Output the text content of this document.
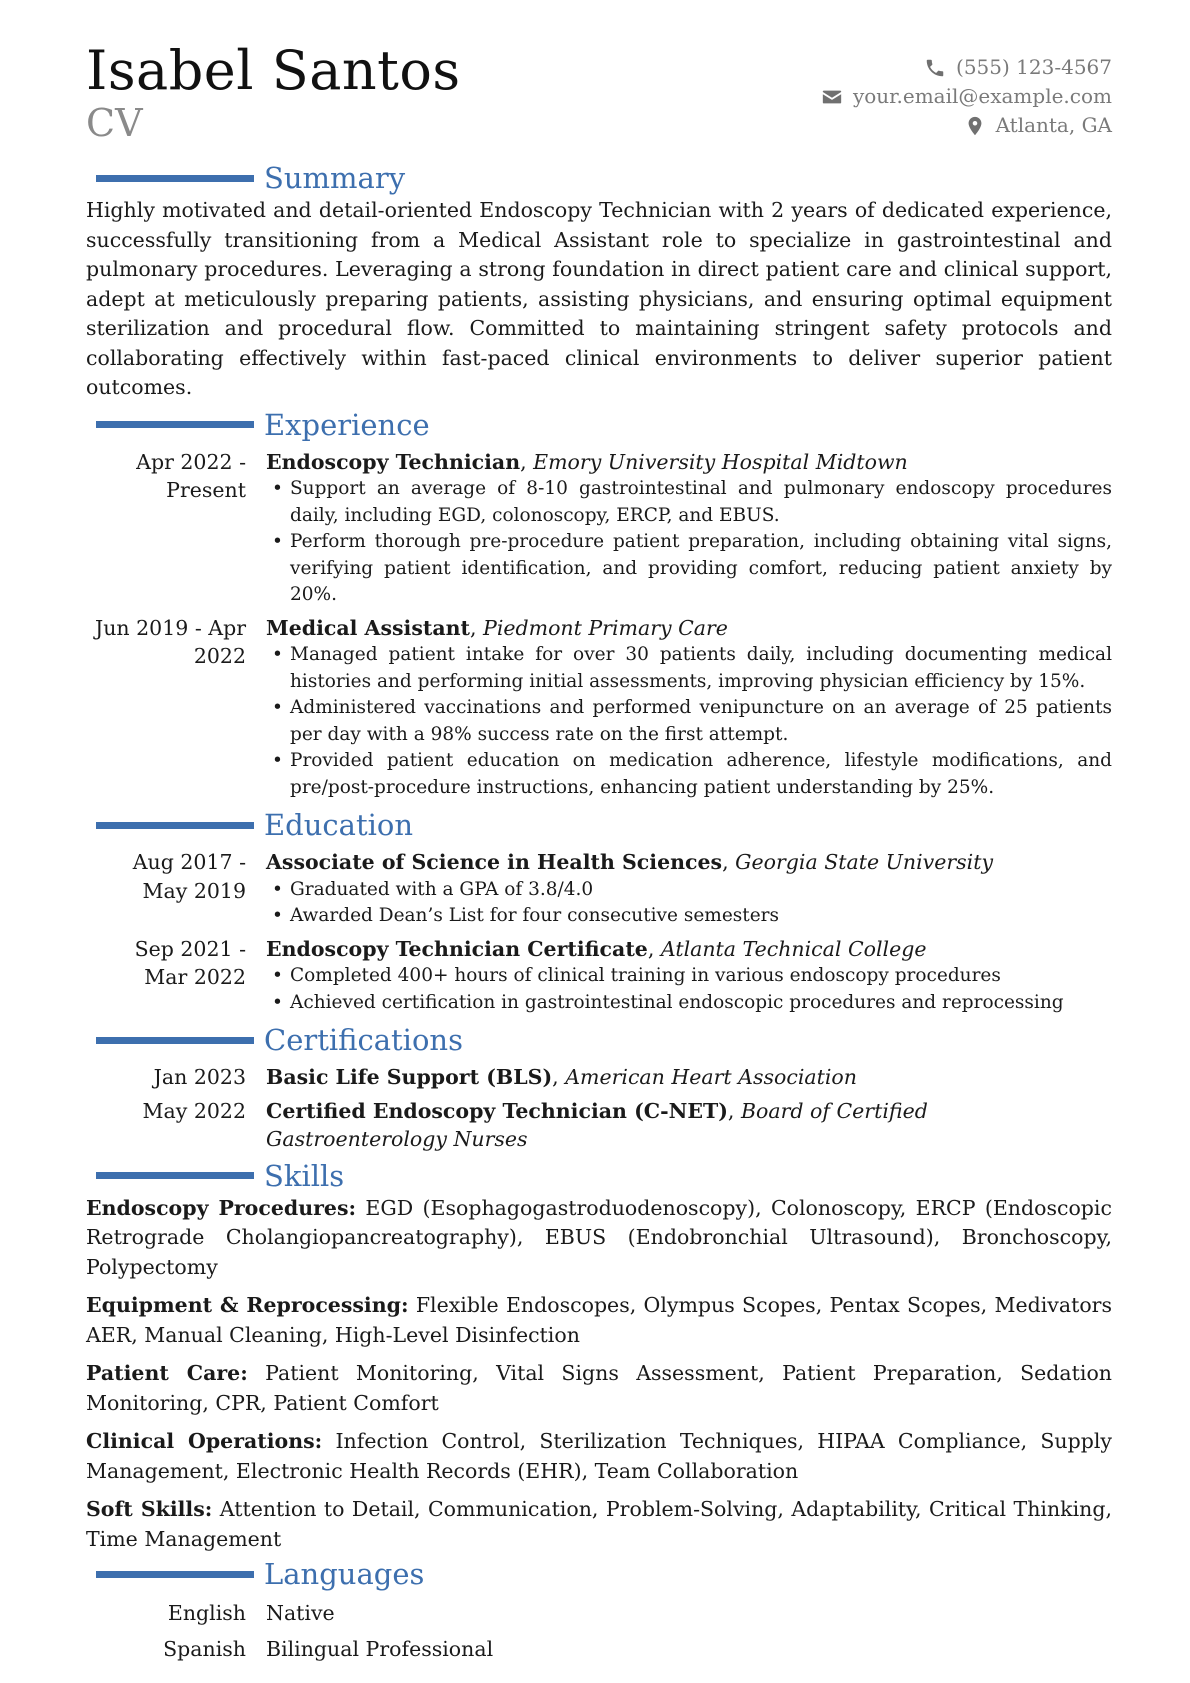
Isabel Santos
CV
(555) 123-4567
your.email@example.com
Atlanta, GA
Summary

Highly motivated and detail-oriented Endoscopy Technician with 2 years of dedicated experience, successfully transitioning from a Medical Assistant role to specialize in gastrointestinal and pulmonary procedures. Leveraging a strong foundation in direct patient care and clinical support, adept at meticulously preparing patients, assisting physicians, and ensuring optimal equipment sterilization and procedural flow. Committed to maintaining stringent safety protocols and collaborating effectively within fast-paced clinical environments to deliver superior patient outcomes.

Experience
Apr 2022 - Present
Endoscopy Technician, Emory University Hospital Midtown
• Support an average of 8-10 gastrointestinal and pulmonary endoscopy procedures daily, including EGD, colonoscopy, ERCP, and EBUS.
• Perform thorough pre-procedure patient preparation, including obtaining vital signs, verifying patient identification, and providing comfort, reducing patient anxiety by 20%.
Jun 2019 - Apr 2022
Medical Assistant, Piedmont Primary Care
• Managed patient intake for over 30 patients daily, including documenting medical histories and performing initial assessments, improving physician efficiency by 15%.
• Administered vaccinations and performed venipuncture on an average of 25 patients per day with a 98% success rate on the first attempt.
• Provided patient education on medication adherence, lifestyle modifications, and pre/post-procedure instructions, enhancing patient understanding by 25%.
Education
Aug 2017 - May 2019
Associate of Science in Health Sciences, Georgia State University
• Graduated with a GPA of 3.8/4.0
• Awarded Dean’s List for four consecutive semesters
Sep 2021 - Mar 2022
Endoscopy Technician Certificate, Atlanta Technical College
• Completed 400+ hours of clinical training in various endoscopy procedures
• Achieved certification in gastrointestinal endoscopic procedures and reprocessing
Certifications
Jan 2023 Basic Life Support (BLS), American Heart Association
May 2022 Certified Endoscopy Technician (C-NET), Board of Certified Gastroenterology Nurses
Skills
Endoscopy Procedures: EGD (Esophagogastroduodenoscopy), Colonoscopy, ERCP (Endoscopic Retrograde Cholangiopancreatography), EBUS (Endobronchial Ultrasound), Bronchoscopy, Polypectomy
Equipment & Reprocessing: Flexible Endoscopes, Olympus Scopes, Pentax Scopes, Medivators AER, Manual Cleaning, High-Level Disinfection
Patient Care: Patient Monitoring, Vital Signs Assessment, Patient Preparation, Sedation Monitoring, CPR, Patient Comfort
Clinical Operations: Infection Control, Sterilization Techniques, HIPAA Compliance, Supply Management, Electronic Health Records (EHR), Team Collaboration
Soft Skills: Attention to Detail, Communication, Problem-Solving, Adaptability, Critical Thinking, Time Management
Languages
English Native
Spanish Bilingual Professional
